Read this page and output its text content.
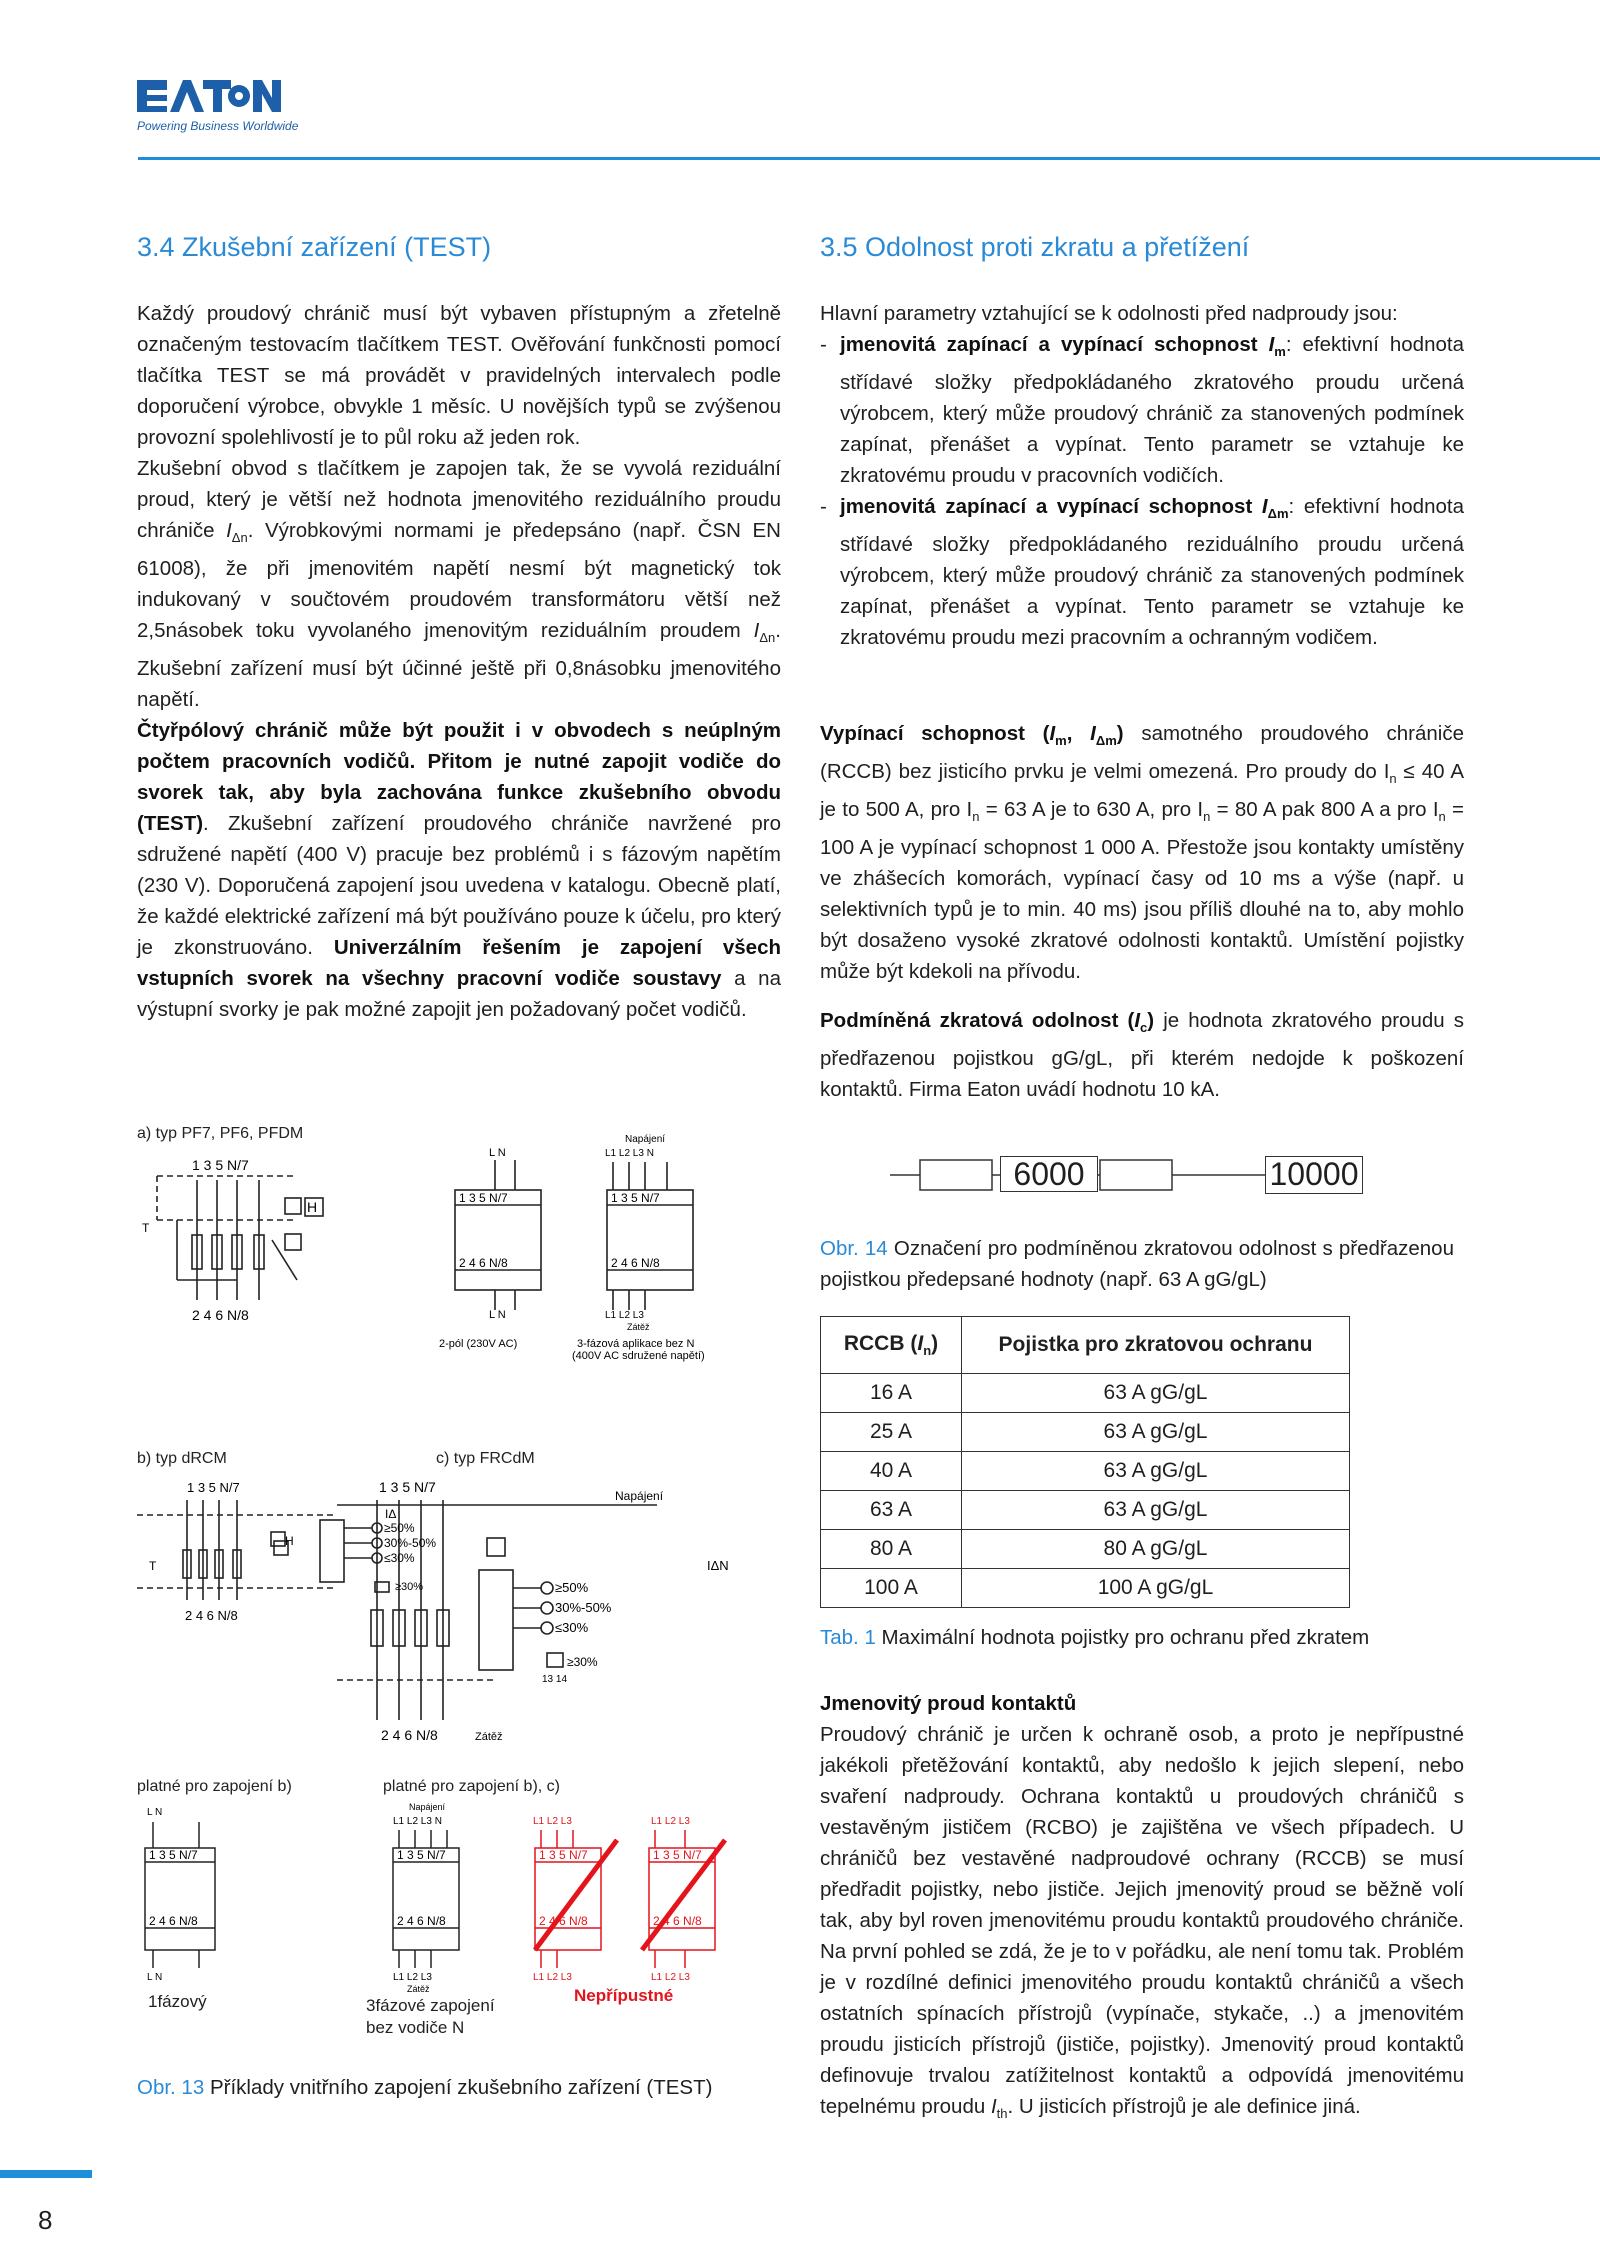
Powering Business Worldwide
3.4 Zkušební zařízení (TEST)

Každý proudový chránič musí být vybaven přístupným a zřetelně označeným testovacím tlačítkem TEST. Ověřování funkčnosti pomocí tlačítka TEST se má provádět v pravidelných intervalech podle doporučení výrobce, obvykle 1 měsíc. U novějších typů se zvýšenou provozní spolehlivostí je to půl roku až jeden rok.

Zkušební obvod s tlačítkem je zapojen tak, že se vyvolá reziduální proud, který je větší než hodnota jmenovitého reziduálního proudu chrániče $I_{\Delta n}$. Výrobkovými normami je předepsáno (např. ČSN EN 61008), že při jmenovitém napětí nesmí být magnetický tok indukovaný v součtovém proudovém transformátoru větší než 2,5násobek toku vyvolaného jmenovitým reziduálním proudem $I_{\Delta n}$. Zkušební zařízení musí být účinné ještě při 0,8násobku jmenovitého napětí.

Čtyřpólový chránič může být použit i v obvodech s neúplným počtem pracovních vodičů. Přitom je nutné zapojit vodiče do svorek tak, aby byla zachována funkce zkušebního obvodu (TEST). Zkušební zařízení proudového chrániče navržené pro sdružené napětí (400 V) pracuje bez problémů i s fázovým napětím (230 V). Doporučená zapojení jsou uvedena v katalogu. Obecně platí, že každé elektrické zařízení má být používáno pouze k účelu, pro který je zkonstruováno. Univerzálním řešením je zapojení všech vstupních svorek na všechny pracovní vodiče soustavy a na výstupní svorky je pak možné zapojit jen požadovaný počet vodičů.

a) typ PF7, PF6, PFDM
1 3 5 N/7
2 4 6 N/8
H
T
L N
1 3 5 N/7
2 4 6 N/8
L N
2-pól (230V AC)
Napájení
L1 L2 L3 N
1 3 5 N/7
2 4 6 N/8
L1 L2 L3
Zátěž
3-fázová aplikace bez N
(400V AC sdružené napětí)
b) typ dRCM	c) typ FRCdM
1 3 5 N/7
2 4 6 N/8
H
T
IΔ
≥50%
30%-50%
≤30%
≥30%
1 3 5 N/7
Napájení
IΔN
≥50%
30%-50%
≤30%
≥30%
13 14
2 4 6 N/8	Zátěž
platné pro zapojení b)	platné pro zapojení b), c)
L N
1 3 5 N/7
2 4 6 N/8
L N
Napájení
L1 L2 L3 N
1 3 5 N/7
2 4 6 N/8
L1 L2 L3
Zátěž
L1 L2 L3
1 3 5 N/7
2 4 6 N/8
L1 L2 L3
L1 L2 L3
1 3 5 N/7
2 4 6 N/8
L1 L2 L3
1fázový	3fázové zapojení
bez vodiče N
Nepřípustné
Obr. 13 Příklady vnitřního zapojení zkušebního zařízení (TEST)
3.5 Odolnost proti zkratu a přetížení

Hlavní parametry vztahující se k odolnosti před nadproudy jsou:

- jmenovitá zapínací a vypínací schopnost $I_m$: efektivní hodnota střídavé složky předpokládaného zkratového proudu určená výrobcem, který může proudový chránič za stanovených podmínek zapínat, přenášet a vypínat. Tento parametr se vztahuje ke zkratovému proudu v pracovních vodičích.
- jmenovitá zapínací a vypínací schopnost $I_{\Delta m}$: efektivní hodnota střídavé složky předpokládaného reziduálního proudu určená výrobcem, který může proudový chránič za stanovených podmínek zapínat, přenášet a vypínat. Tento parametr se vztahuje ke zkratovému proudu mezi pracovním a ochranným vodičem.

Vypínací schopnost ($I_m$, $I_{\Delta m}$) samotného proudového chrániče (RCCB) bez jisticího prvku je velmi omezená. Pro proudy do $I_n \le 40$ A je to 500 A, pro $I_n = 63$ A je to 630 A, pro $I_n = 80$ A pak 800 A a pro $I_n = 100$ A je vypínací schopnost 1 000 A. Přestože jsou kontakty umístěny ve zhášecích komorách, vypínací časy od 10 ms a výše (např. u selektivních typů je to min. 40 ms) jsou příliš dlouhé na to, aby mohlo být dosaženo vysoké zkratové odolnosti kontaktů. Umístění pojistky může být kdekoli na přívodu.

Podmíněná zkratová odolnost $(I_c)$ je hodnota zkratového proudu s předřazenou pojistkou gG/gL, při kterém nedojde k poškození kontaktů. Firma Eaton uvádí hodnotu 10 kA.

6000	10000

Obr. 14 Označení pro podmíněnou zkratovou odolnost s předřazenou pojistkou předepsané hodnoty (např. 63 A gG/gL)

RCCB $(I_n)$	Pojistka pro zkratovou ochranu
16 A	63 A gG/gL
25 A	63 A gG/gL
40 A	63 A gG/gL
63 A	63 A gG/gL
80 A	80 A gG/gL
100 A	100 A gG/gL
Tab. 1 Maximální hodnota pojistky pro ochranu před zkratem

Jmenovitý proud kontaktů

Proudový chránič je určen k ochraně osob, a proto je nepřípustné jakékoli přetěžování kontaktů, aby nedošlo k jejich slepení, nebo svaření nadproudy. Ochrana kontaktů u proudových chráničů s vestavěným jističem (RCBO) je zajištěna ve všech případech. U chráničů bez vestavěné nadproudové ochrany (RCCB) se musí předřadit pojistky, nebo jističe. Jejich jmenovitý proud se běžně volí tak, aby byl roven jmenovitému proudu kontaktů proudového chrániče. Na první pohled se zdá, že je to v pořádku, ale není tomu tak. Problém je v rozdílné definici jmenovitého proudu kontaktů chráničů a všech ostatních spínacích přístrojů (vypínače, stykače, ..) a jmenovitém proudu jisticích přístrojů (jističe, pojistky). Jmenovitý proud kontaktů definovuje trvalou zatížitelnost kontaktů a odpovídá jmenovitému tepelnému proudu $I_{th}$. U jisticích přístrojů je ale definice jiná.

8
